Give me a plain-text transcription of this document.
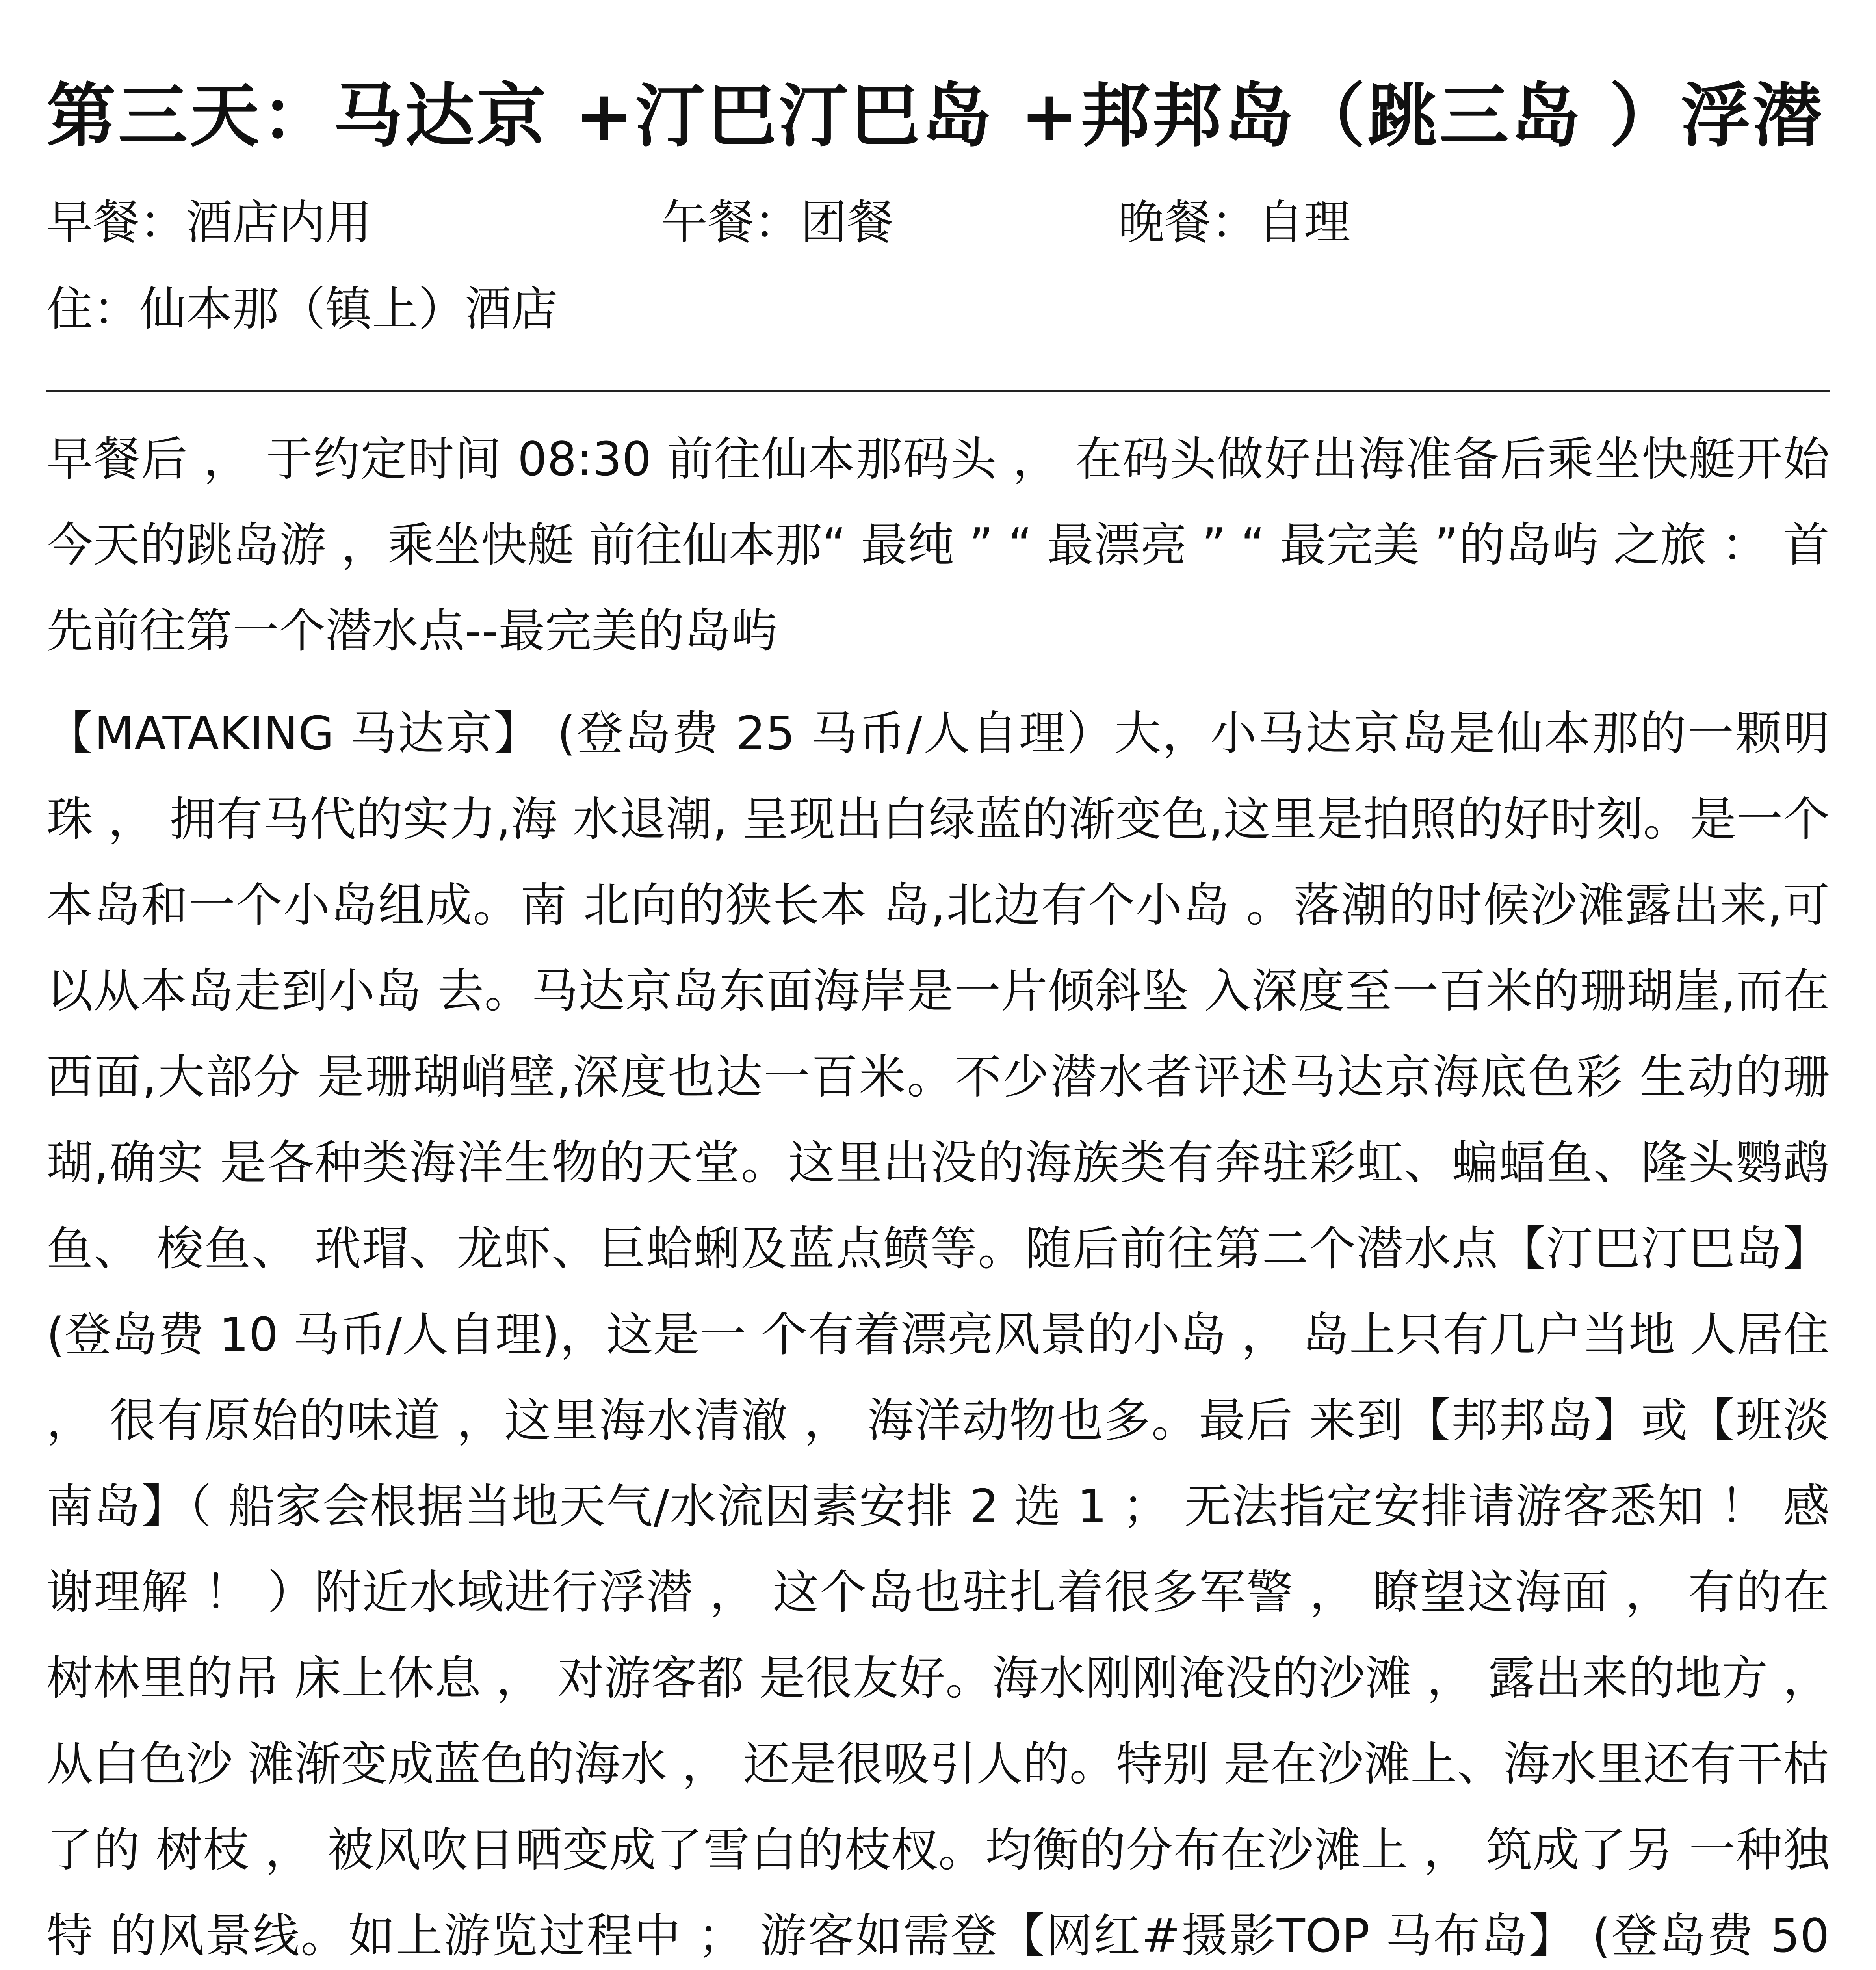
第三天：马达京 +汀巴汀巴岛 +邦邦岛（跳三岛 ）浮潜
早餐：酒店内用	午餐：团餐	晚餐：自理
住：仙本那（镇上）酒店

早餐后 ， 于约定时间 08:30 前往仙本那码头 ， 在码头做好出海准备后乘坐快艇开始今天的跳岛游 ，乘坐快艇 前往仙本那“ 最纯 ” “ 最漂亮 ” “ 最完美 ”的岛屿 之旅 ： 首先前往第一个潜水点--最完美的岛屿

【MATAKING 马达京】 (登岛费 25 马币/人自理）大，小马达京岛是仙本那的一颗明珠 ， 拥有马代的实力,海 水退潮, 呈现出白绿蓝的渐变色,这里是拍照的好时刻。是一个本岛和一个小岛组成。南 北向的狭长本 岛,北边有个小岛 。落潮的时候沙滩露出来,可以从本岛走到小岛 去。马达京岛东面海岸是一片倾斜坠 入深度至一百米的珊瑚崖,而在西面,大部分 是珊瑚峭壁,深度也达一百米。不少潜水者评述马达京海底色彩 生动的珊瑚,确实 是各种类海洋生物的天堂。这里出没的海族类有奔驻彩虹、蝙蝠鱼、隆头鹦鹉鱼、 梭鱼、 玳瑁、龙虾、巨蛤蜊及蓝点鲼等。随后前往第二个潜水点【汀巴汀巴岛】(登岛费 10 马币/人自理)，这是一 个有着漂亮风景的小岛 ， 岛上只有几户当地 人居住 ， 很有原始的味道 ，这里海水清澈 ， 海洋动物也多。最后 来到【邦邦岛】或【班淡南岛】（ 船家会根据当地天气/水流因素安排 2 选 1 ； 无法指定安排请游客悉知 ！ 感谢理解 ！ ）附近水域进行浮潜 ， 这个岛也驻扎着很多军警 ， 瞭望这海面 ， 有的在树林里的吊 床上休息 ， 对游客都 是很友好。海水刚刚淹没的沙滩 ， 露出来的地方 ， 从白色沙 滩渐变成蓝色的海水 ， 还是很吸引人的。特别 是在沙滩上、海水里还有干枯了的 树枝 ， 被风吹日晒变成了雪白的枝杈。均衡的分布在沙滩上 ， 筑成了另 一种独特 的风景线。如上游览过程中 ； 游客如需登【网红#摄影TOP 马布岛】 (登岛费 50
